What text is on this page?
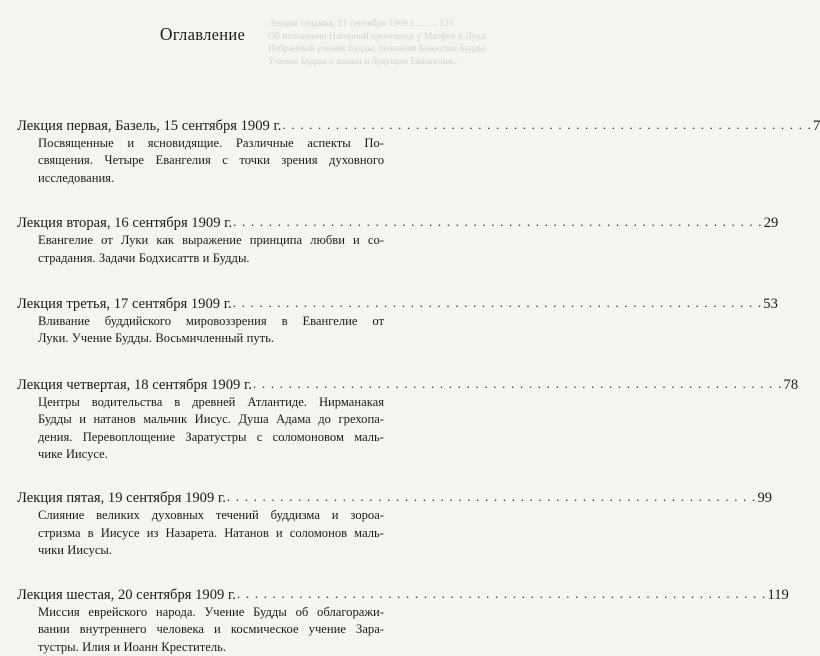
Лекция седьмая, 21 сентября 1909 г.......... 135
Об изложении Нагорной проповеди у Матфея и Луки
Избранный ученик Будды, познания Божества Будды
Учение Будды о жизни и будущем Евангелия...
Оглавление
Лекция первая, Базель, 15 сентября 1909 г. . . . . . . . . . . . . . . . . . . . . . . . . . . . . . . . . . . . . . . . . . . . . . . . . . . . . . . . . . . . . 7
Посвященные и ясновидящие. Различные аспекты По-
священия. Четыре Евангелия с точки зрения духовного
исследования.
Лекция вторая, 16 сентября 1909 г. . . . . . . . . . . . . . . . . . . . . . . . . . . . . . . . . . . . . . . . . . . . . . . . . . . . . . . . . . . . . 29
Евангелие от Луки как выражение принципа любви и со-
страдания. Задачи Бодхисаттв и Будды.
Лекция третья, 17 сентября 1909 г. . . . . . . . . . . . . . . . . . . . . . . . . . . . . . . . . . . . . . . . . . . . . . . . . . . . . . . . . . . . . 53
Вливание буддийского мировоззрения в Евангелие от
Луки. Учение Будды. Восьмичленный путь.
Лекция четвертая, 18 сентября 1909 г. . . . . . . . . . . . . . . . . . . . . . . . . . . . . . . . . . . . . . . . . . . . . . . . . . . . . . . . . . . . . 78
Центры водительства в древней Атлантиде. Нирманакая
Будды и натанов мальчик Иисус. Душа Адама до грехопа-
дения. Перевоплощение Заратустры с соломоновом маль-
чике Иисусе.
Лекция пятая, 19 сентября 1909 г. . . . . . . . . . . . . . . . . . . . . . . . . . . . . . . . . . . . . . . . . . . . . . . . . . . . . . . . . . . . . 99
Слияние великих духовных течений буддизма и зороа-
стризма в Иисусе из Назарета. Натанов и соломонов маль-
чики Иисусы.
Лекция шестая, 20 сентября 1909 г. . . . . . . . . . . . . . . . . . . . . . . . . . . . . . . . . . . . . . . . . . . . . . . . . . . . . . . . . . . . . 119
Миссия еврейского народа. Учение Будды об облагоражи-
вании внутреннего человека и космическое учение Зара-
тустры. Илия и Иоанн Креститель.
